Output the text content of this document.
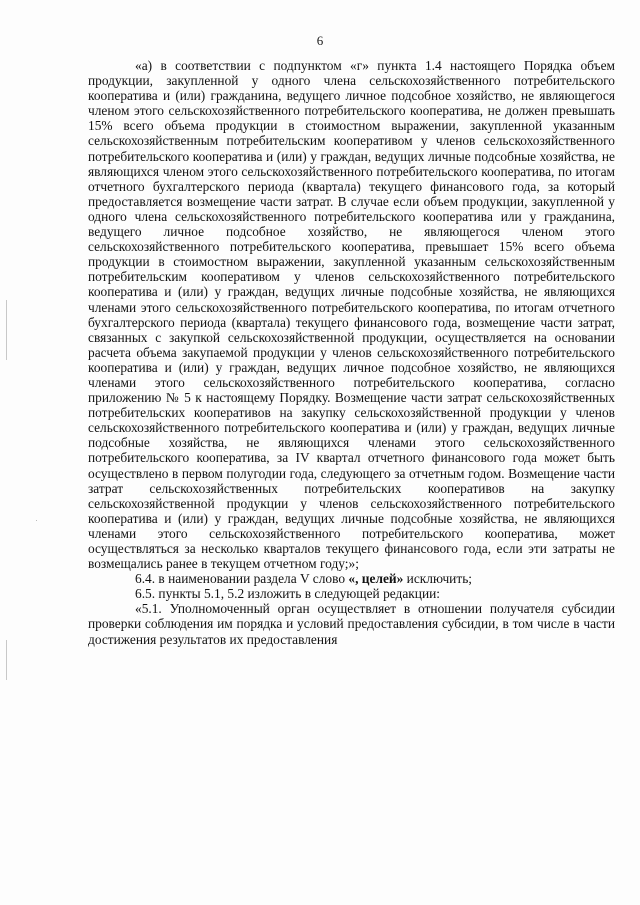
6

«а) в соответствии с подпунктом «г» пункта 1.4 настоящего Порядка объем продукции, закупленной у одного члена сельскохозяйственного потребительского кооператива и (или) гражданина, ведущего личное подсобное хозяйство, не являющегося членом этого сельскохозяйственного потребительского кооператива, не должен превышать 15% всего объема продукции в стоимостном выражении, закупленной указанным сельскохозяйственным потребительским кооперативом у членов сельскохозяйственного потребительского кооператива и (или) у граждан, ведущих личные подсобные хозяйства, не являющихся членом этого сельскохозяйственного потребительского кооператива, по итогам отчетного бухгалтерского периода (квартала) текущего финансового года, за который предоставляется возмещение части затрат. В случае если объем продукции, закупленной у одного члена сельскохозяйственного потребительского кооператива или у гражданина, ведущего личное подсобное хозяйство, не являющегося членом этого сельскохозяйственного потребительского кооператива, превышает 15% всего объема продукции в стоимостном выражении, закупленной указанным сельскохозяйственным потребительским кооперативом у членов сельскохозяйственного потребительского кооператива и (или) у граждан, ведущих личные подсобные хозяйства, не являющихся членами этого сельскохозяйственного потребительского кооператива, по итогам отчетного бухгалтерского периода (квартала) текущего финансового года, возмещение части затрат, связанных с закупкой сельскохозяйственной продукции, осуществляется на основании расчета объема закупаемой продукции у членов сельскохозяйственного потребительского кооператива и (или) у граждан, ведущих личное подсобное хозяйство, не являющихся членами этого сельскохозяйственного потребительского кооператива, согласно приложению № 5 к настоящему Порядку. Возмещение части затрат сельскохозяйственных потребительских кооперативов на закупку сельскохозяйственной продукции у членов сельскохозяйственного потребительского кооператива и (или) у граждан, ведущих личные подсобные хозяйства, не являющихся членами этого сельскохозяйственного потребительского кооператива, за IV квартал отчетного финансового года может быть осуществлено в первом полугодии года, следующего за отчетным годом. Возмещение части затрат сельскохозяйственных потребительских кооперативов на закупку сельскохозяйственной продукции у членов сельскохозяйственного потребительского кооператива и (или) у граждан, ведущих личные подсобные хозяйства, не являющихся членами этого сельскохозяйственного потребительского кооператива, может осуществляться за несколько кварталов текущего финансового года, если эти затраты не возмещались ранее в текущем отчетном году;»;

6.4. в наименовании раздела V слово «, целей» исключить;

6.5. пункты 5.1, 5.2 изложить в следующей редакции:

«5.1. Уполномоченный орган осуществляет в отношении получателя субсидии проверки соблюдения им порядка и условий предоставления субсидии, в том числе в части достижения результатов их предоставления
